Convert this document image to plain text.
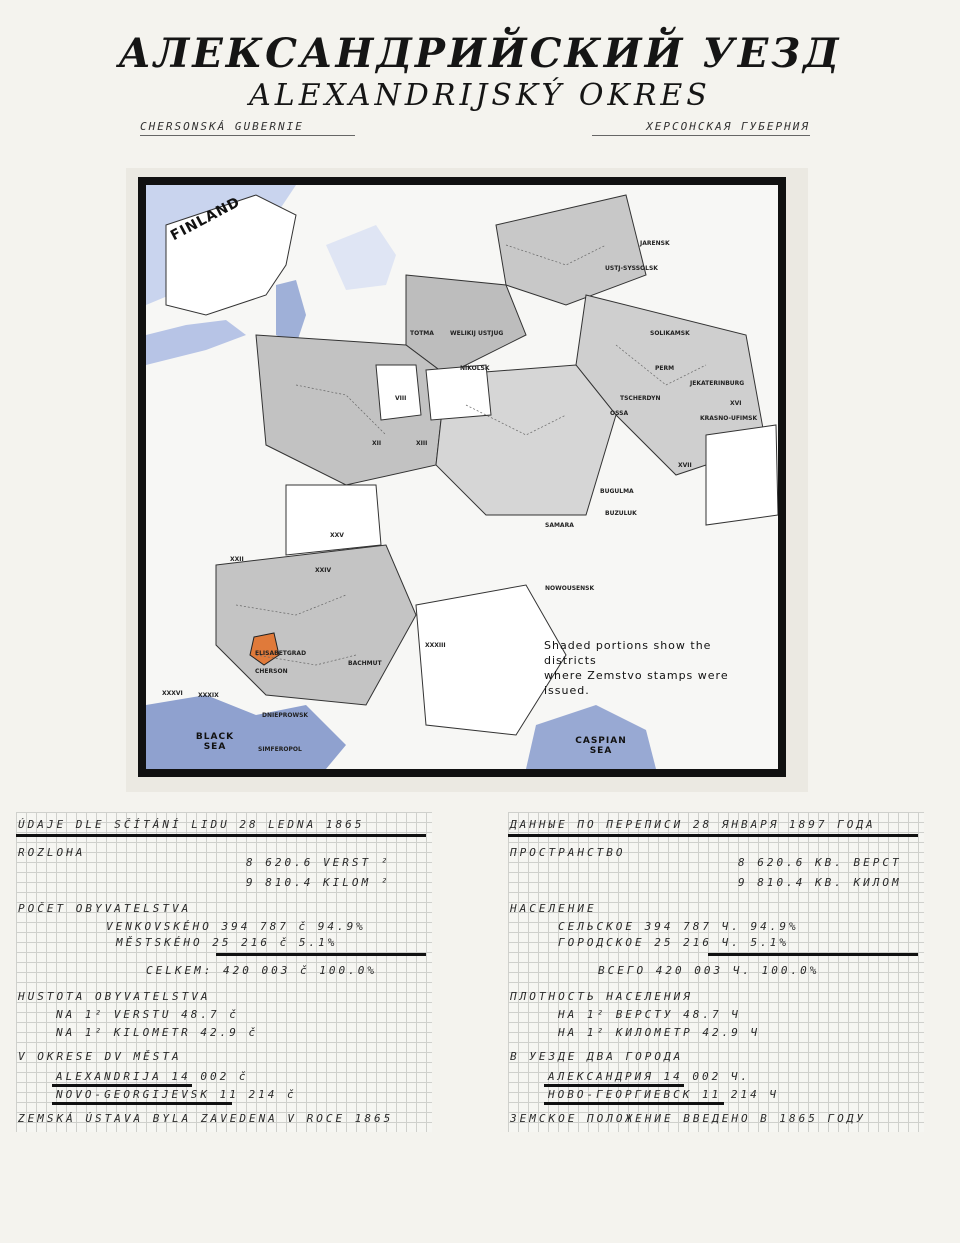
АЛЕКСАНДРИЙСКИЙ УЕЗД
ALEXANDRIJSKÝ OKRES
CHERSONSKÁ GUBERNIE	ХЕРСОНСКАЯ ГУБЕРНИЯ
FINLAND
BLACK SEA
CASPIAN SEA
Shaded portions show the districts
where Zemstvo stamps were issued.
JARENSK
USTJ-SYSSOLSK
NIKOLSK
WELIKIJ USTJUG
TOTMA	SOLIKAMSK
PERM
OSSA
TSCHERDYN
KRASNO-UFIMSK
JEKATERINBURG
XVI
XVII
BUGULMA
BUZULUK
SAMARA
NOWOUSENSK
CHERSON
ELISABETGRAD
DNIEPROWSK
SIMFEROPOL
BACHMUT
XXII
XXIV
XXV
XXXIII
XXXVI	XXXIX
VIII
XII	XIII
ÚDAJE DLE SČÍTÁNÍ LIDU 28 LEDNA 1865
ROZLOHA
8 620.6 VERST ²
9 810.4 KILOM ²
POČET OBYVATELSTVA
VENKOVSKÉHO 394 787 č 94.9%
MĚSTSKÉHO 25 216 č 5.1%
CELKEM: 420 003 č 100.0%
HUSTOTA OBYVATELSTVA
NA 1² VERSTU 48.7 č
NA 1² KILOMETR 42.9 č
V OKRESE DV MĚSTA
ALEXANDRIJA 14 002 č
NOVO-GEORGIJEVSK 11 214 č
ZEMSKÁ ÚSTAVA BYLA ZAVEDENA V ROCE 1865
ДАННЫЕ ПО ПЕРЕПИСИ 28 ЯНВАРЯ 1897 ГОДА
ПРОСТРАНСТВО
8 620.6 КВ. ВЕРСТ
9 810.4 КВ. КИЛОМ
НАСЕЛЕНИЕ
СЕЛЬСКОЕ 394 787 Ч. 94.9%
ГОРОДСКОЕ 25 216 Ч. 5.1%
ВСЕГО 420 003 Ч. 100.0%
ПЛОТНОСТЬ НАСЕЛЕНИЯ
НА 1² ВЕРСТУ 48.7 Ч
НА 1² КИЛОМЕТР 42.9 Ч
В УЕЗДЕ ДВА ГОРОДА
АЛЕКСАНДРИЯ 14 002 Ч.
НОВО-ГЕОРГИЕВСК 11 214 Ч
ЗЕМСКОЕ ПОЛОЖЕНИЕ ВВЕДЕНО В 1865 ГОДУ
